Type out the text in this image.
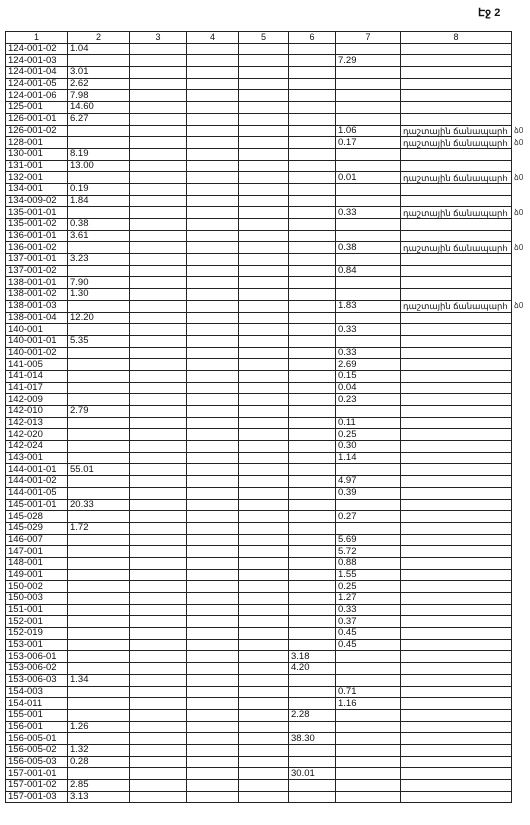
Էջ 2
1	2	3	4	5	6	7	8
124-001-02	1.04						
124-001-03						7.29	
124-001-04	3.01						
124-001-05	2.62						
124-001-06	7.98						
125-001	14.60						
126-001-01	6.27						
126-001-02						1.06	դաշտային ճանապարհ
128-001						0.17	դաշտային ճանապարհ
130-001	8.19						
131-001	13.00						
132-001						0.01	դաշտային ճանապարհ
134-001	0.19						
134-009-02	1.84						
135-001-01						0.33	դաշտային ճանապարհ
135-001-02	0.38						
136-001-01	3.61						
136-001-02						0.38	դաշտային ճանապարհ
137-001-01	3.23						
137-001-02						0.84	
138-001-01	7.90						
138-001-02	1.30						
138-001-03						1.83	դաշտային ճանապարհ
138-001-04	12.20						
140-001						0.33	
140-001-01	5.35						
140-001-02						0.33	
141-005						2.69	
141-014						0.15	
141-017						0.04	
142-009						0.23	
142-010	2.79						
142-013						0.11	
142-020						0.25	
142-024						0.30	
143-001						1.14	
144-001-01	55.01						
144-001-02						4.97	
144-001-05						0.39	
145-001-01	20.33						
145-028						0.27	
145-029	1.72						
146-007						5.69	
147-001						5.72	
148-001						0.88	
149-001						1.55	
150-002						0.25	
150-003						1.27	
151-001						0.33	
152-001						0.37	
152-019						0.45	
153-001						0.45	
153-006-01					3.18		
153-006-02					4.20		
153-006-03	1.34						
154-003						0.71	
154-011						1.16	
155-001					2.28		
156-001	1.26						
156-005-01					38.30		
156-005-02	1.32						
156-005-03	0.28						
157-001-01					30.01		
157-001-02	2.85						
157-001-03	3.13						
ձ0
ձ0
ձ0
ձ0
ձ0
ձ0
